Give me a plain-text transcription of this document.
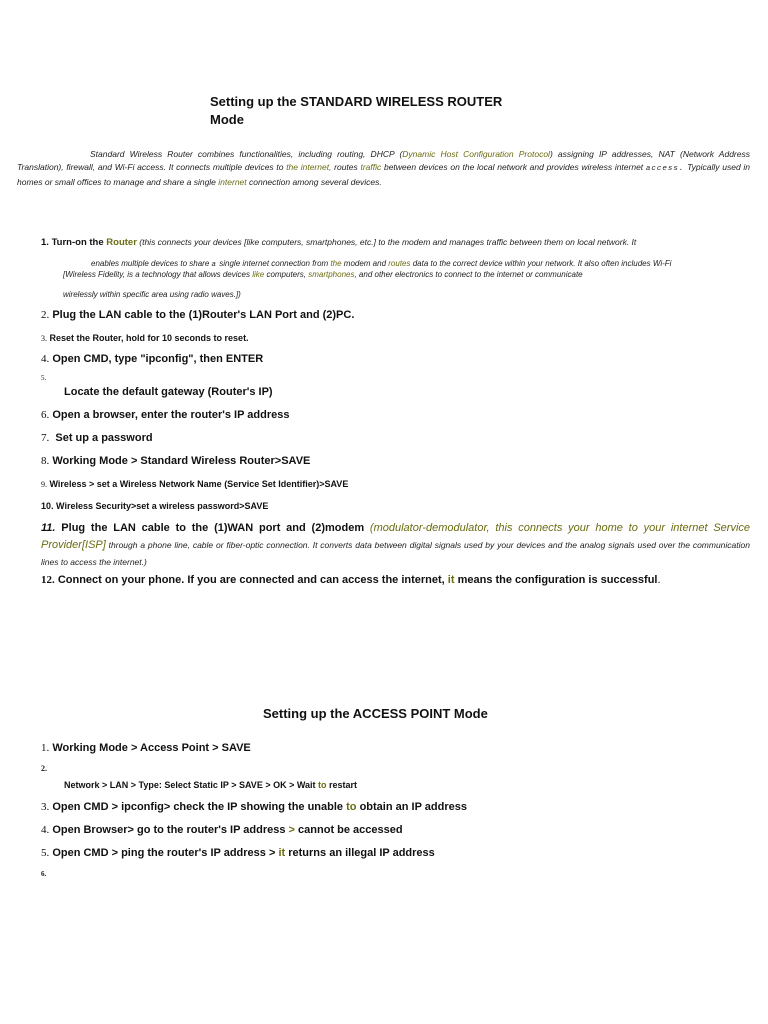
Setting up the STANDARD WIRELESS ROUTER
Mode

Standard Wireless Router combines functionalities, including routing, DHCP (Dynamic Host Configuration Protocol) assigning IP addresses, NAT (Network Address Translation), firewall, and Wi-Fi access. It connects multiple devices to the internet, routes traffic between devices on the local network and provides wireless internet access. Typically used in homes or small offices to manage and share a single internet connection among several devices.

1. Turn-on the Router (this connects your devices [like computers, smartphones, etc.] to the modem and manages traffic between them on local network. It
enables multiple devices to share a single internet connection from the modem and routes data to the correct device within your network. It also often includes Wi-Fi
[Wireless Fidelity, is a technology that allows devices like computers, smartphones, and other electronics to connect to the internet or communicate
wirelessly within specific area using radio waves.])
2. Plug the LAN cable to the (1)Router's LAN Port and (2)PC.
3. Reset the Router, hold for 10 seconds to reset.
4. Open CMD, type "ipconfig", then ENTER
5.
Locate the default gateway (Router's IP)
6. Open a browser, enter the router's IP address
7. Set up a password
8. Working Mode > Standard Wireless Router>SAVE
9. Wireless > set a Wireless Network Name (Service Set Identifier)>SAVE
10. Wireless Security>set a wireless password>SAVE
11. Plug the LAN cable to the (1)WAN port and (2)modem (modulator-demodulator, this connects your home to your internet Service Provider[ISP] through a phone line, cable or fiber-optic connection. It converts data between digital signals used by your devices and the analog signals used over the communication lines to access the internet.)
12. Connect on your phone. If you are connected and can access the internet, it means the configuration is successful.
Setting up the ACCESS POINT Mode
1. Working Mode > Access Point > SAVE
2.
Network > LAN > Type: Select Static IP > SAVE > OK > Wait to restart
3. Open CMD > ipconfig> check the IP showing the unable to obtain an IP address
4. Open Browser> go to the router's IP address > cannot be accessed
5. Open CMD > ping the router's IP address > it returns an illegal IP address
6.
